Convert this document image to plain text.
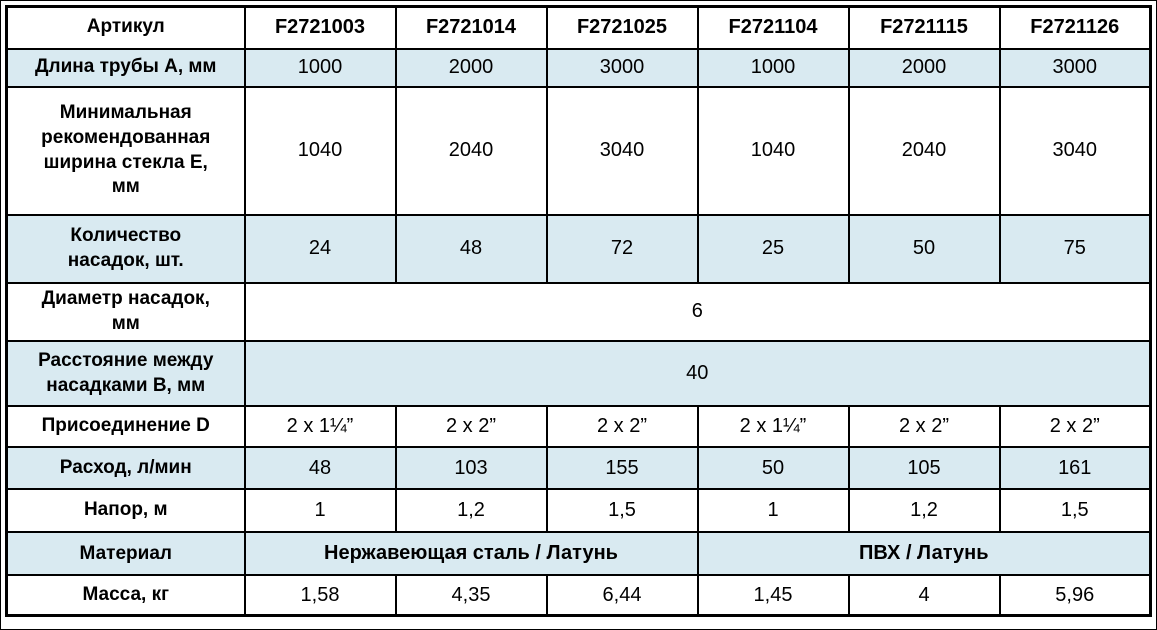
Артикул	F2721003	F2721014	F2721025	F2721104	F2721115	F2721126
Длина трубы А, мм	1000	2000	3000	1000	2000	3000
Минимальная рекомендованная ширина стекла Е, мм	1040	2040	3040	1040	2040	3040
Количество насадок, шт.	24	48	72	25	50	75
Диаметр насадок, мм	6					
Расстояние между насадками В, мм	40					
Присоединение D	2 x 1¼”	2 x 2”	2 x 2”	2 x 1¼”	2 x 2”	2 x 2”
Расход, л/мин	48	103	155	50	105	161
Напор, м	1	1,2	1,5	1	1,2	1,5
Материал	Нержавеющая сталь / Латунь			ПВХ / Латунь		
Масса, кг	1,58	4,35	6,44	1,45	4	5,96
